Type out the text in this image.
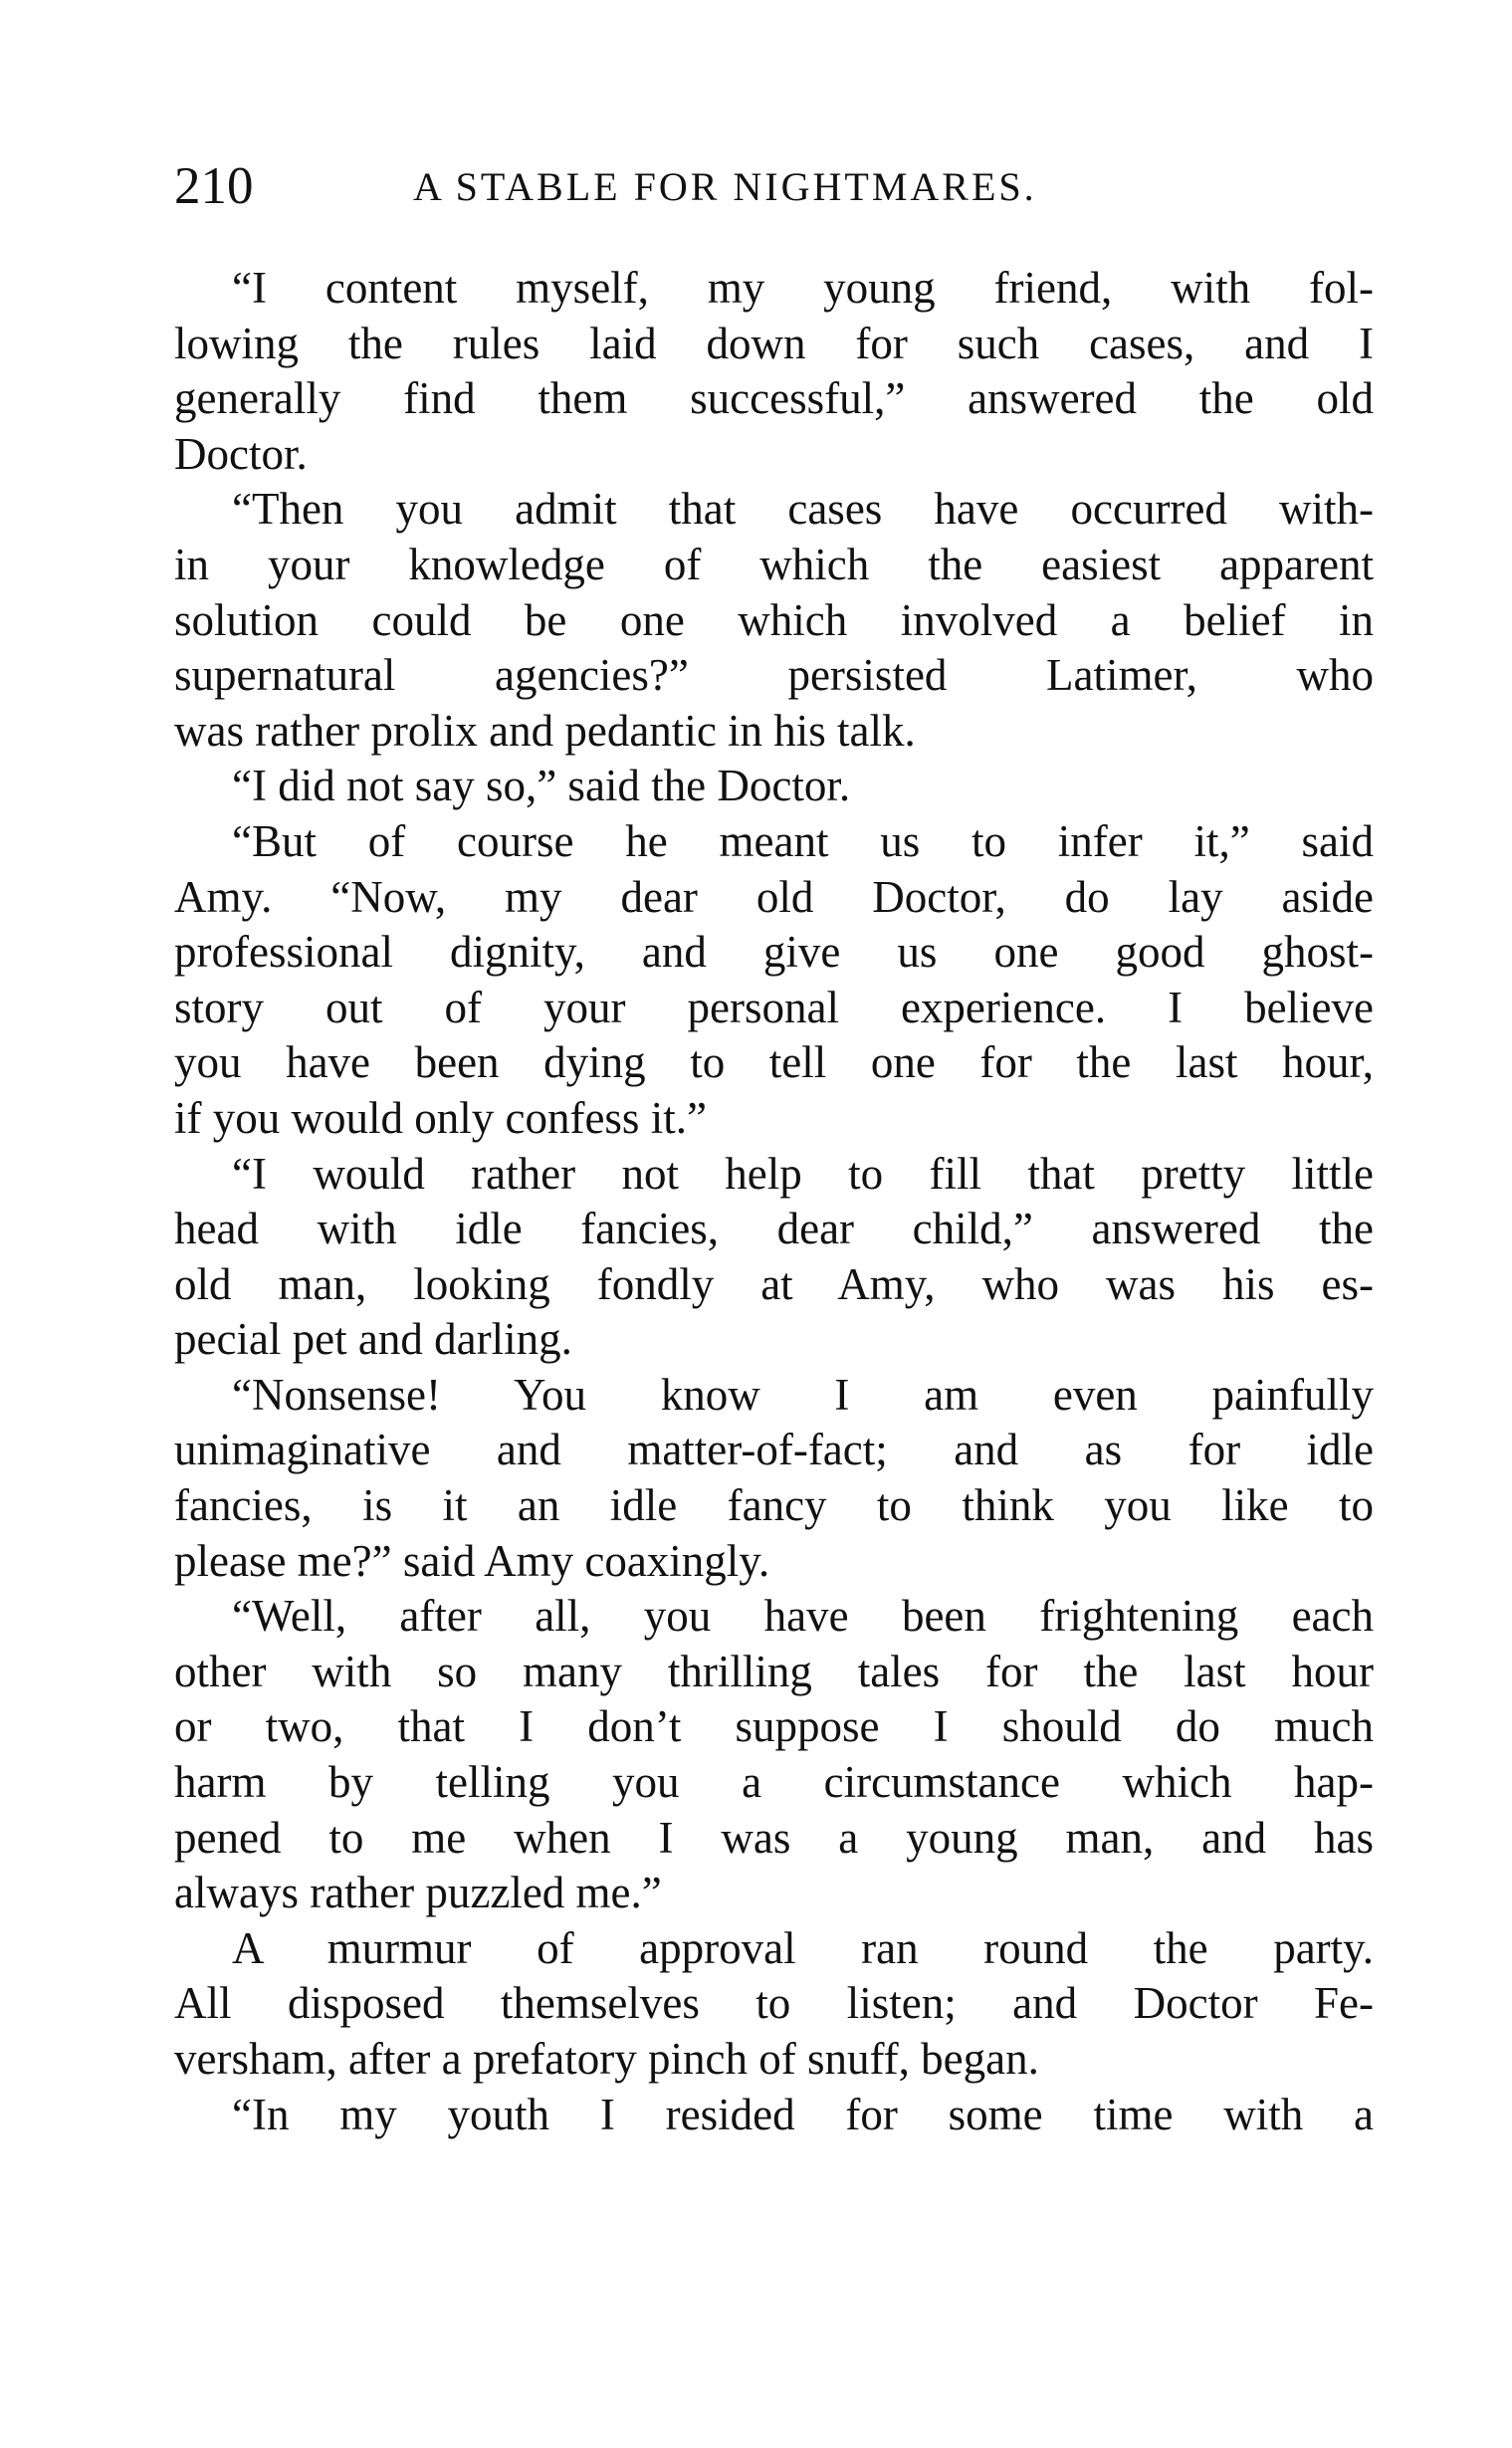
210	A STABLE FOR NIGHTMARES.
“I content myself, my young friend, with fol-
lowing the rules laid down for such cases, and I
generally find them successful,” answered the old
Doctor.
“Then you admit that cases have occurred with-
in your knowledge of which the easiest apparent
solution could be one which involved a belief in
supernatural agencies?” persisted Latimer, who
was rather prolix and pedantic in his talk.
“I did not say so,” said the Doctor.
“But of course he meant us to infer it,” said
Amy. “Now, my dear old Doctor, do lay aside
professional dignity, and give us one good ghost-
story out of your personal experience. I believe
you have been dying to tell one for the last hour,
if you would only confess it.”
“I would rather not help to fill that pretty little
head with idle fancies, dear child,” answered the
old man, looking fondly at Amy, who was his es-
pecial pet and darling.
“Nonsense! You know I am even painfully
unimaginative and matter-of-fact; and as for idle
fancies, is it an idle fancy to think you like to
please me?” said Amy coaxingly.
“Well, after all, you have been frightening each
other with so many thrilling tales for the last hour
or two, that I don’t suppose I should do much
harm by telling you a circumstance which hap-
pened to me when I was a young man, and has
always rather puzzled me.”
A murmur of approval ran round the party.
All disposed themselves to listen; and Doctor Fe-
versham, after a prefatory pinch of snuff, began.
“In my youth I resided for some time with a
